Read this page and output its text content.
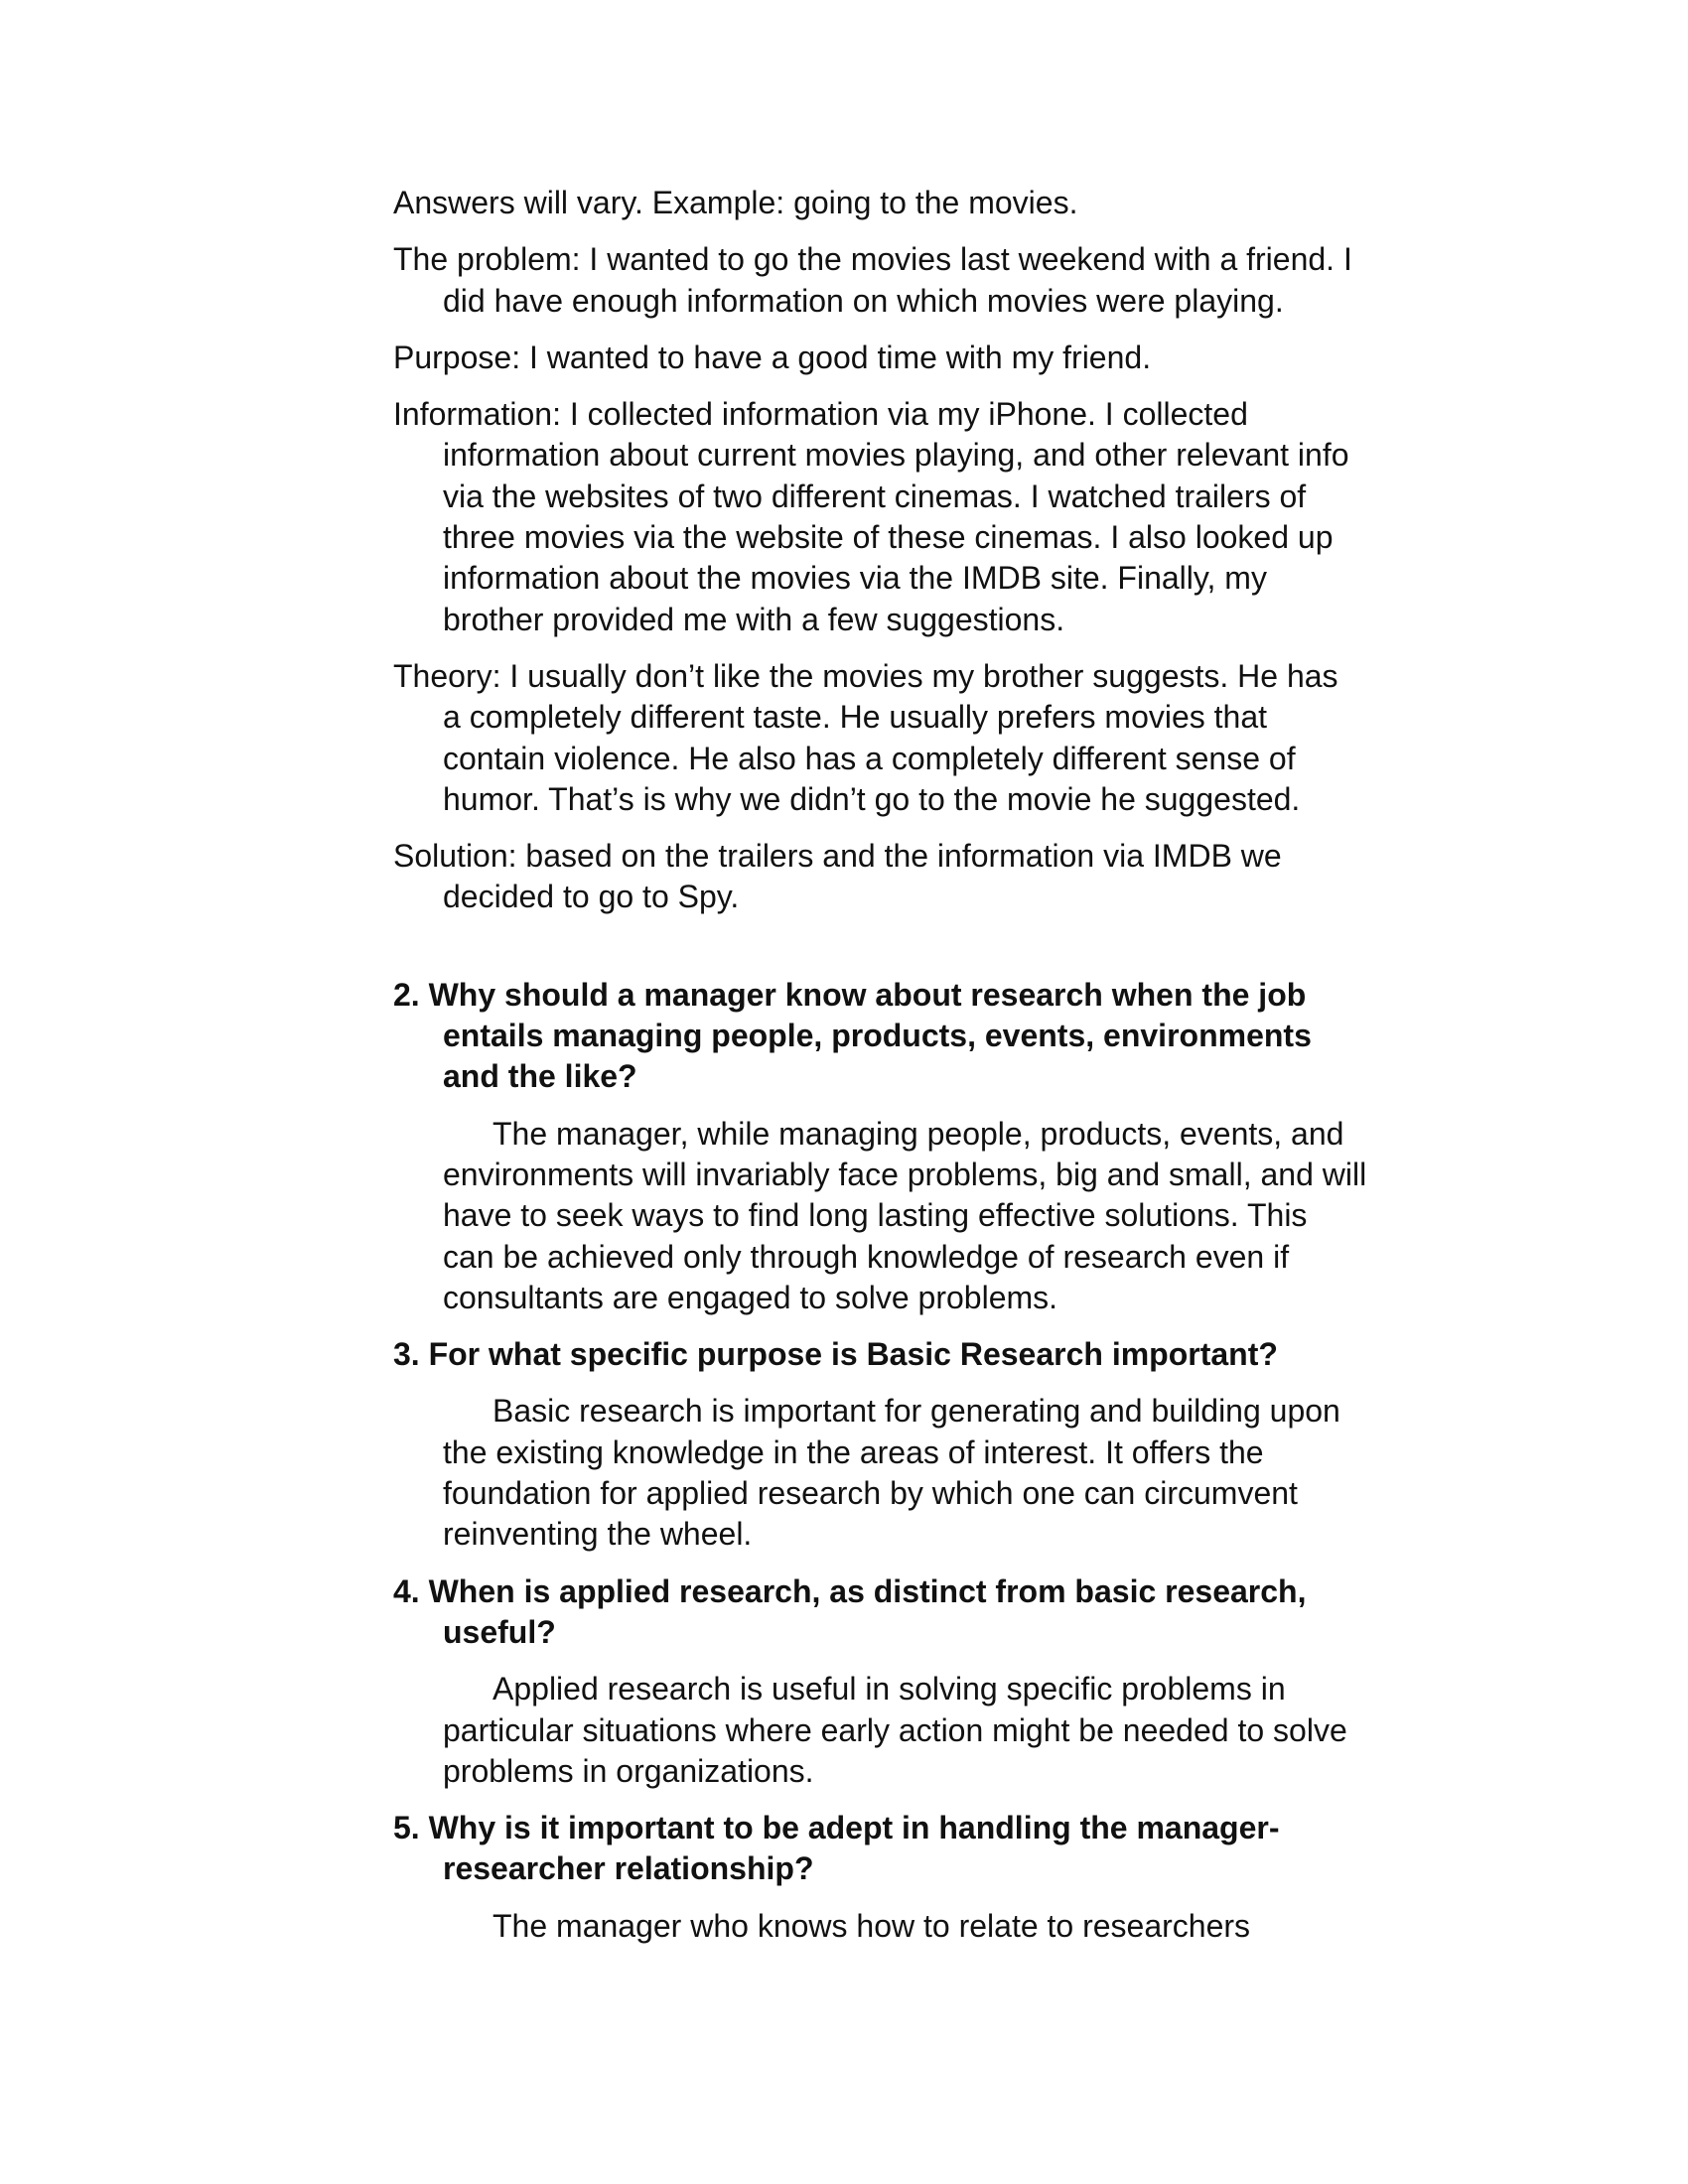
Answers will vary. Example: going to the movies.
The problem: I wanted to go the movies last weekend with a friend. I
did have enough information on which movies were playing.
Purpose: I wanted to have a good time with my friend.
Information: I collected information via my iPhone. I collected
information about current movies playing, and other relevant info
via the websites of two different cinemas. I watched trailers of
three movies via the website of these cinemas. I also looked up
information about the movies via the IMDB site. Finally, my
brother provided me with a few suggestions.
Theory: I usually don’t like the movies my brother suggests. He has
a completely different taste. He usually prefers movies that
contain violence. He also has a completely different sense of
humor. That’s is why we didn’t go to the movie he suggested.
Solution: based on the trailers and the information via IMDB we
decided to go to Spy.
2. Why should a manager know about research when the job
entails managing people, products, events, environments
and the like?
The manager, while managing people, products, events, and
environments will invariably face problems, big and small, and will
have to seek ways to find long lasting effective solutions. This
can be achieved only through knowledge of research even if
consultants are engaged to solve problems.
3. For what specific purpose is Basic Research important?
Basic research is important for generating and building upon
the existing knowledge in the areas of interest. It offers the
foundation for applied research by which one can circumvent
reinventing the wheel.
4. When is applied research, as distinct from basic research,
useful?
Applied research is useful in solving specific problems in
particular situations where early action might be needed to solve
problems in organizations.
5. Why is it important to be adept in handling the manager-
researcher relationship?
The manager who knows how to relate to researchers
